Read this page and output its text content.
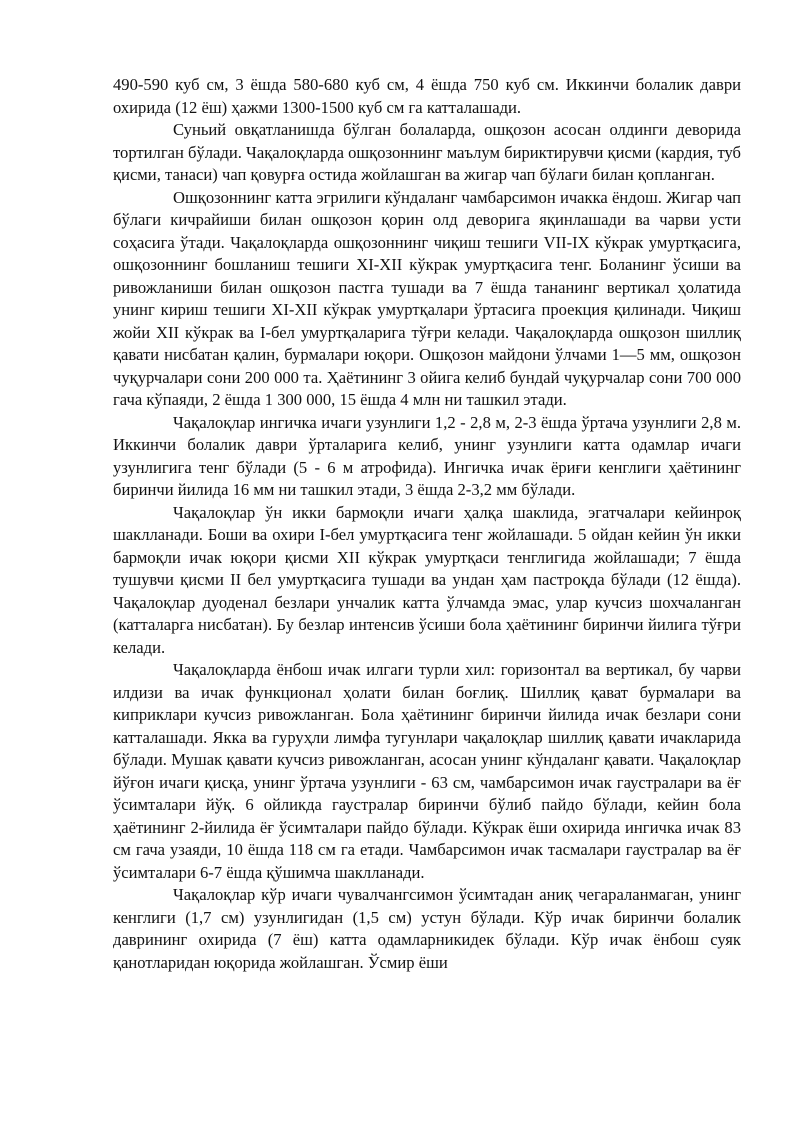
490-590 куб см, 3 ёшда 580-680 куб см, 4 ёшда 750 куб см. Иккинчи болалик даври охирида (12 ёш) ҳажми 1300-1500 куб см га катталашади.

Суньий овқатланишда бўлган болаларда, ошқозон асосан олдинги деворида тортилган бўлади. Чақалоқларда ошқозоннинг маълум бириктирувчи қисми (кардия, туб қисми, танаси) чап қовурға остида жойлашган ва жигар чап бўлаги билан қопланган.

Ошқозоннинг катта эгрилиги кўндаланг чамбарсимон ичакка ёндош. Жигар чап бўлаги кичрайиши билан ошқозон қорин олд деворига яқинлашади ва чарви усти соҳасига ўтади. Чақалоқларда ошқозоннинг чиқиш тешиги VII-IX кўкрак умуртқасига, ошқозоннинг бошланиш тешиги XI-XII кўкрак умуртқасига тенг. Боланинг ўсиши ва ривожланиши билан ошқозон пастга тушади ва 7 ёшда тананинг вертикал ҳолатида унинг кириш тешиги XI-XII кўкрак умуртқалари ўртасига проекция қилинади. Чиқиш жойи XII кўкрак ва I-бел умуртқаларига тўғри келади. Чақалоқларда ошқозон шиллиқ қавати нисбатан қалин, бурмалари юқори. Ошқозон майдони ўлчами 1—5 мм, ошқозон чуқурчалари сони 200 000 та. Ҳаётининг 3 ойига келиб бундай чуқурчалар сони 700 000 гача кўпаяди, 2 ёшда 1 300 000, 15 ёшда 4 млн ни ташкил этади.

Чақалоқлар ингичка ичаги узунлиги 1,2 - 2,8 м, 2-3 ёшда ўртача узунлиги 2,8 м. Иккинчи болалик даври ўрталарига келиб, унинг узунлиги катта одамлар ичаги узунлигига тенг бўлади (5 - 6 м атрофида). Ингичка ичак ёриғи кенглиги ҳаётининг биринчи йилида 16 мм ни ташкил этади, 3 ёшда 2-3,2 мм бўлади.

Чақалоқлар ўн икки бармоқли ичаги ҳалқа шаклида, эгатчалари кейинроқ шаклланади. Боши ва охири I-бел умуртқасига тенг жойлашади. 5 ойдан кейин ўн икки бармоқли ичак юқори қисми XII кўкрак умуртқаси тенглигида жойлашади; 7 ёшда тушувчи қисми II бел умуртқасига тушади ва ундан ҳам пастроқда бўлади (12 ёшда). Чақалоқлар дуоденал безлари унчалик катта ўлчамда эмас, улар кучсиз шохчаланган (катталарга нисбатан). Бу безлар интенсив ўсиши бола ҳаётининг биринчи йилига тўғри келади.

Чақалоқларда ёнбош ичак илгаги турли хил: горизонтал ва вертикал, бу чарви илдизи ва ичак функционал ҳолати билан боғлиқ. Шиллиқ қават бурмалари ва киприклари кучсиз ривожланган. Бола ҳаётининг биринчи йилида ичак безлари сони катталашади. Якка ва гуруҳли лимфа тугунлари чақалоқлар шиллиқ қавати ичакларида бўлади. Мушак қавати кучсиз ривожланган, асосан унинг кўндаланг қавати. Чақалоқлар йўғон ичаги қисқа, унинг ўртача узунлиги - 63 см, чамбарсимон ичак гаустралари ва ёғ ўсимталари йўқ. 6 ойликда гаустралар биринчи бўлиб пайдо бўлади, кейин бола ҳаётининг 2-йилида ёғ ўсимталари пайдо бўлади. Кўкрак ёши охирида ингичка ичак 83 см гача узаяди, 10 ёшда 118 см га етади. Чамбарсимон ичак тасмалари гаустралар ва ёғ ўсимталари 6-7 ёшда қўшимча шаклланади.

Чақалоқлар кўр ичаги чувалчангсимон ўсимтадан аниқ чегараланмаган, унинг кенглиги (1,7 см) узунлигидан (1,5 см) устун бўлади. Кўр ичак биринчи болалик даврининг охирида (7 ёш) катта одамларникидек бўлади. Кўр ичак ёнбош суяк қанотларидан юқорида жойлашган. Ўсмир ёши
